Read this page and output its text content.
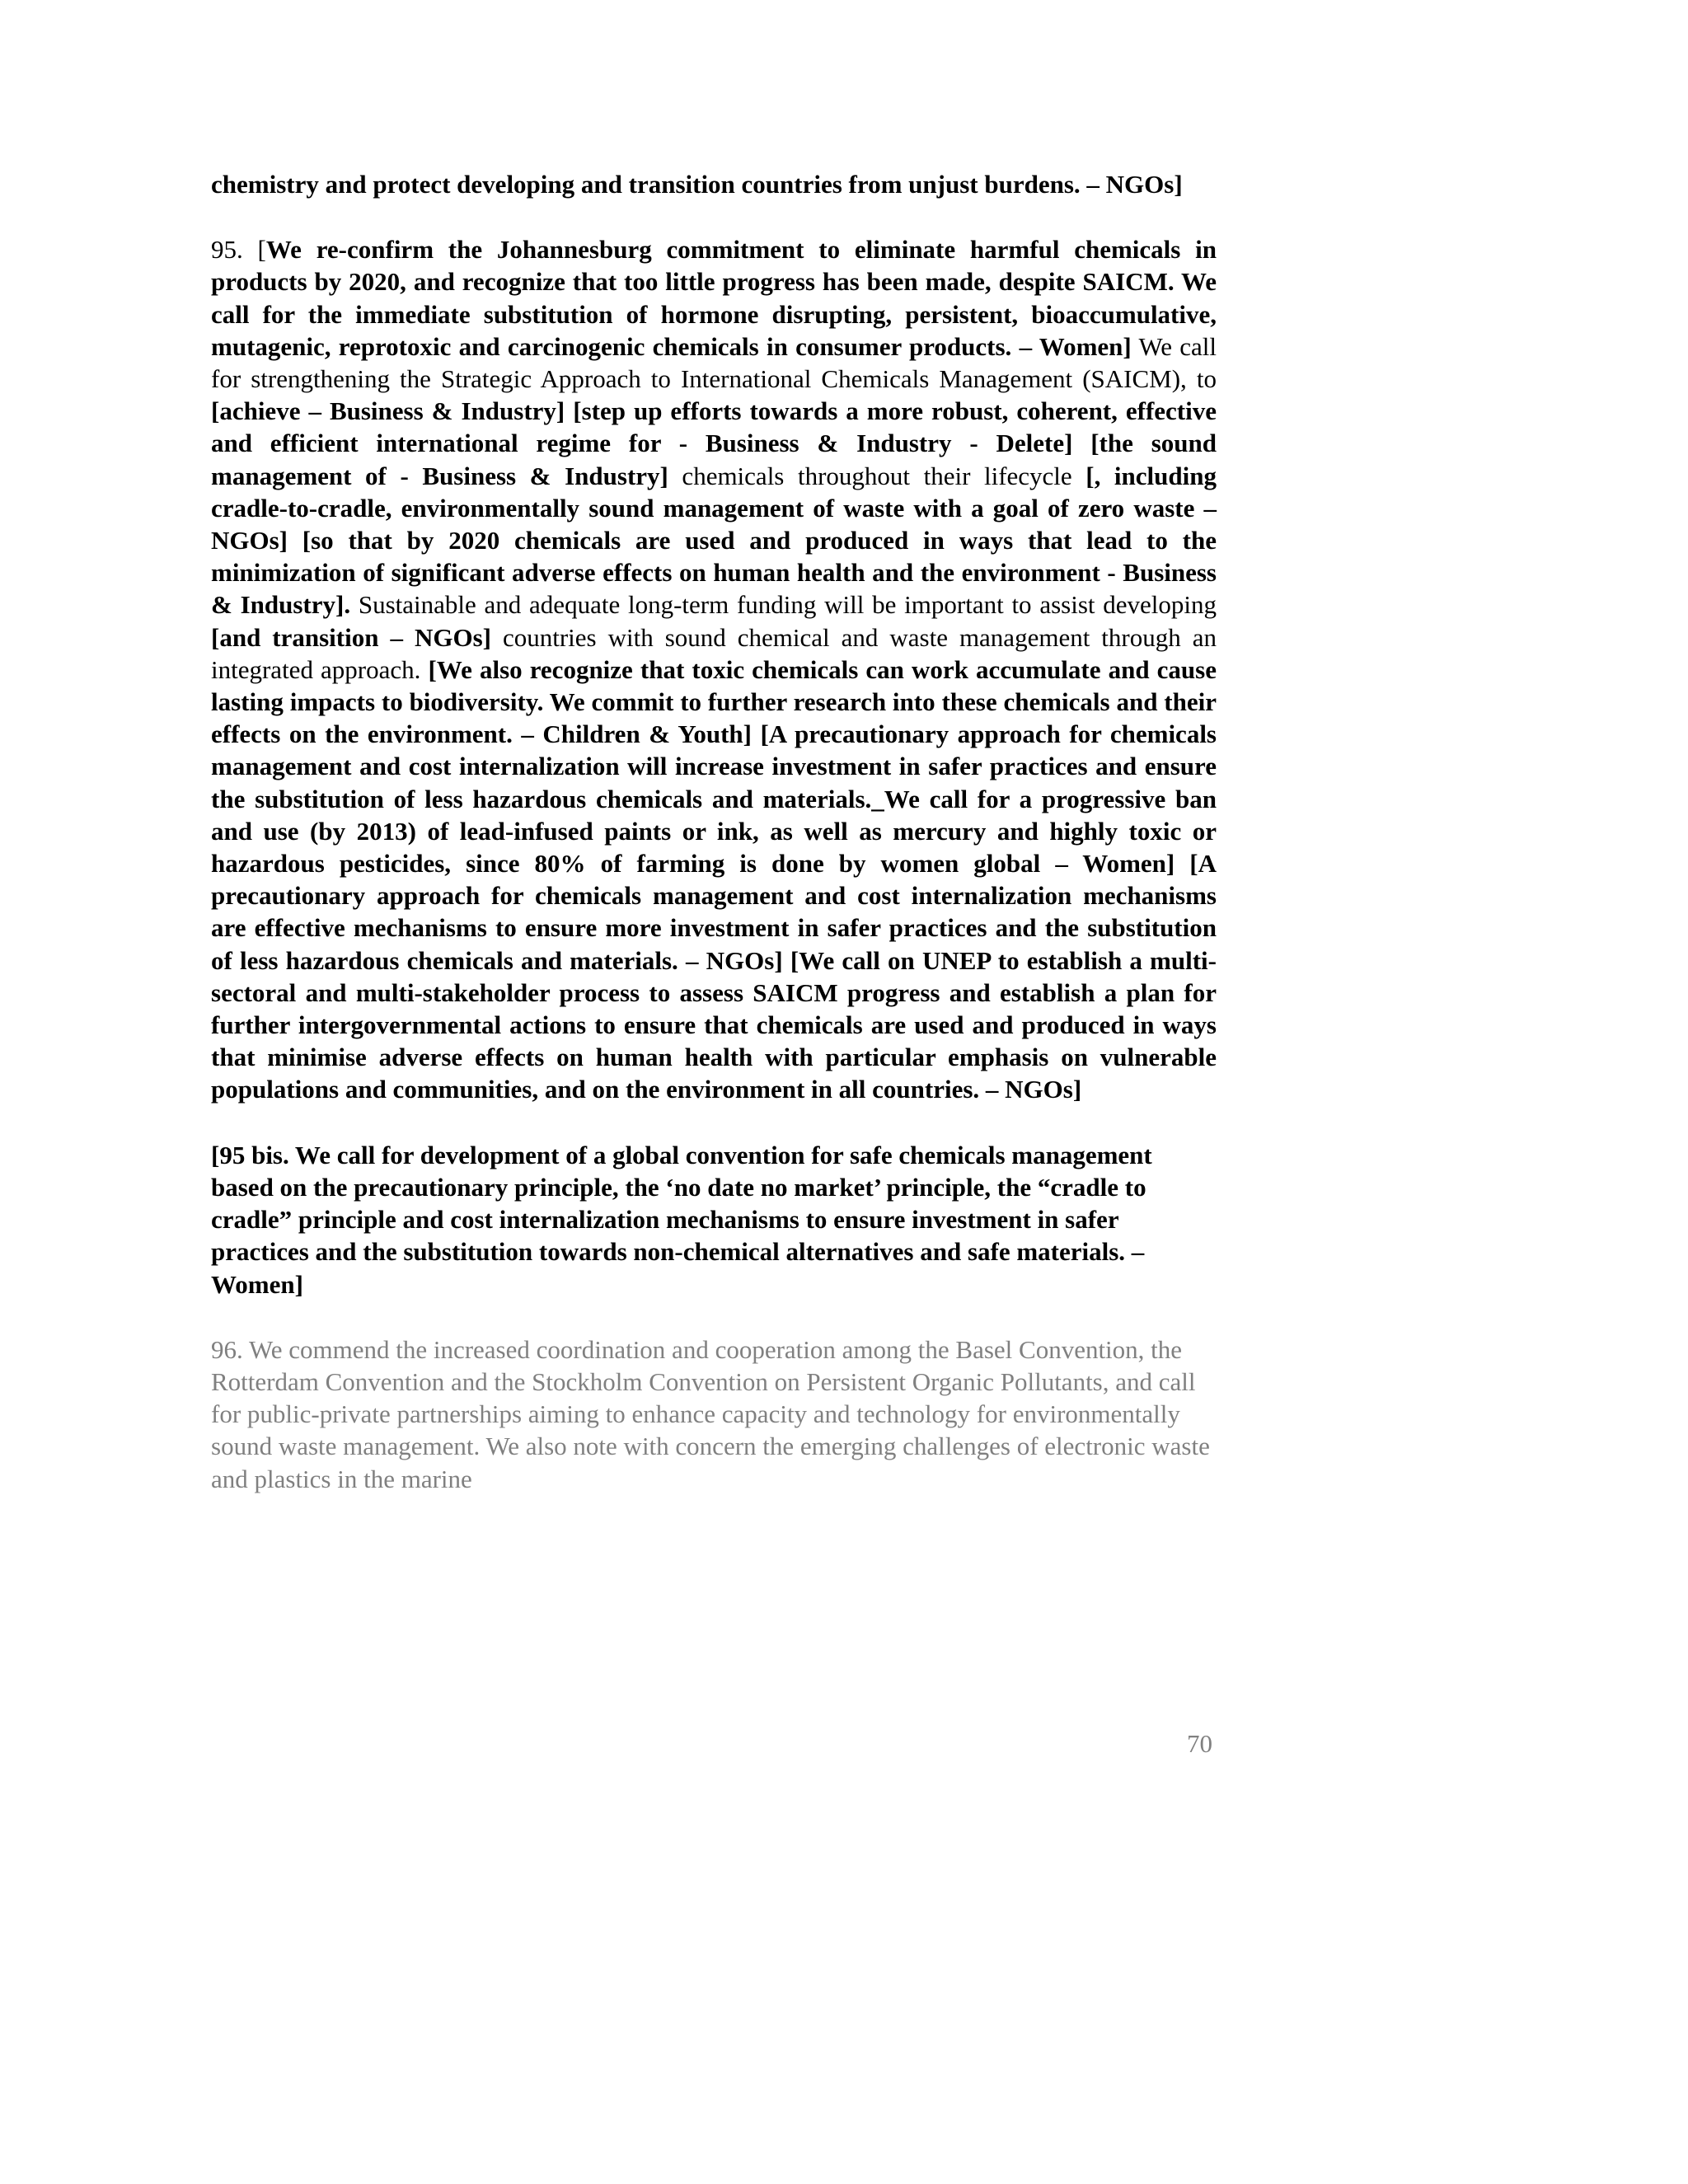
chemistry and protect developing and transition countries from unjust burdens. – NGOs]

95. [We re-confirm the Johannesburg commitment to eliminate harmful chemicals in products by 2020, and recognize that too little progress has been made, despite SAICM. We call for the immediate substitution of hormone disrupting, persistent, bioaccumulative, mutagenic, reprotoxic and carcinogenic chemicals in consumer products. – Women] We call for strengthening the Strategic Approach to International Chemicals Management (SAICM), to [achieve – Business & Industry] [step up efforts towards a more robust, coherent, effective and efficient international regime for - Business & Industry - Delete] [the sound management of - Business & Industry] chemicals throughout their lifecycle [, including cradle-to-cradle, environmentally sound management of waste with a goal of zero waste – NGOs] [so that by 2020 chemicals are used and produced in ways that lead to the minimization of significant adverse effects on human health and the environment - Business & Industry]. Sustainable and adequate long-term funding will be important to assist developing [and transition – NGOs] countries with sound chemical and waste management through an integrated approach. [We also recognize that toxic chemicals can work accumulate and cause lasting impacts to biodiversity. We commit to further research into these chemicals and their effects on the environment. – Children & Youth] [A precautionary approach for chemicals management and cost internalization will increase investment in safer practices and ensure the substitution of less hazardous chemicals and materials._We call for a progressive ban and use (by 2013) of lead-infused paints or ink, as well as mercury and highly toxic or hazardous pesticides, since 80% of farming is done by women global – Women] [A precautionary approach for chemicals management and cost internalization mechanisms are effective mechanisms to ensure more investment in safer practices and the substitution of less hazardous chemicals and materials. – NGOs] [We call on UNEP to establish a multi-sectoral and multi-stakeholder process to assess SAICM progress and establish a plan for further intergovernmental actions to ensure that chemicals are used and produced in ways that minimise adverse effects on human health with particular emphasis on vulnerable populations and communities, and on the environment in all countries. – NGOs]

[95 bis. We call for development of a global convention for safe chemicals management based on the precautionary principle, the ‘no date no market’ principle, the “cradle to cradle” principle and cost internalization mechanisms to ensure investment in safer practices and the substitution towards non-chemical alternatives and safe materials. – Women]

96. We commend the increased coordination and cooperation among the Basel Convention, the Rotterdam Convention and the Stockholm Convention on Persistent Organic Pollutants, and call for public-private partnerships aiming to enhance capacity and technology for environmentally sound waste management. We also note with concern the emerging challenges of electronic waste and plastics in the marine

70
